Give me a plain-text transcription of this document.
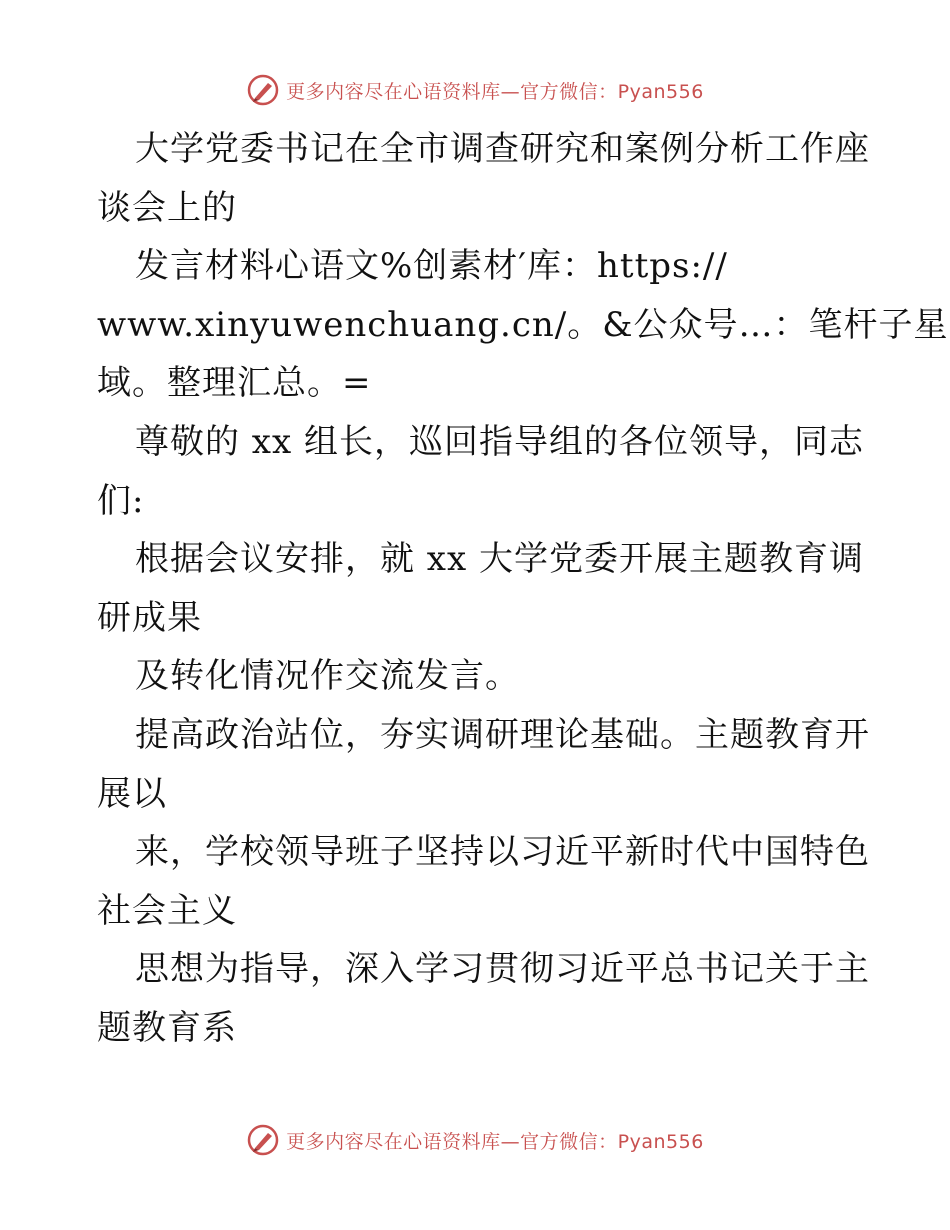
更多内容尽在心语资料库—官方微信：Pyan556
大学党委书记在全市调查研究和案例分析工作座
谈会上的
发言材料心语文%创素材′库：https://
www.xinyuwenchuang.cn/。&公众号…：笔杆子星
域。整理汇总。=
尊敬的 xx 组长，巡回指导组的各位领导，同志
们:
根据会议安排，就 xx 大学党委开展主题教育调
研成果
及转化情况作交流发言。
提高政治站位，夯实调研理论基础。主题教育开
展以
来，学校领导班子坚持以习近平新时代中国特色
社会主义
思想为指导，深入学习贯彻习近平总书记关于主
题教育系
更多内容尽在心语资料库—官方微信：Pyan556
